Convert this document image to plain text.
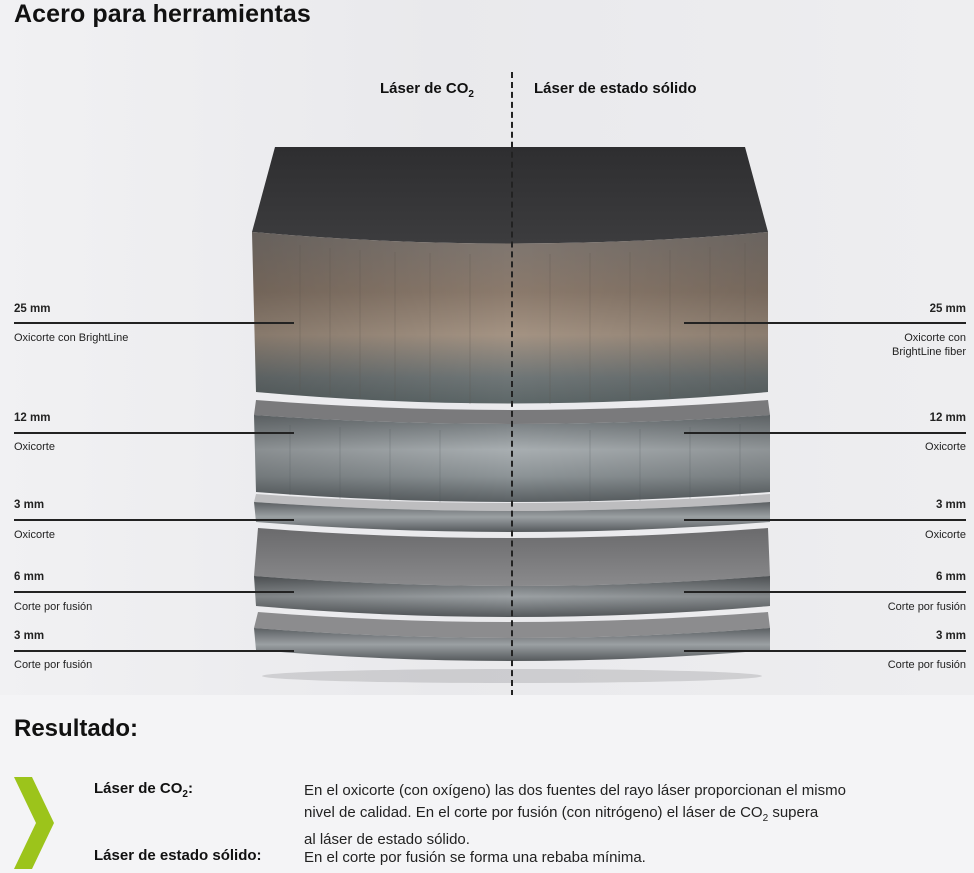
Acero para herramientas
Láser de $CO_2$	Láser de estado sólido
25 mm
Oxicorte con BrightLine
12 mm
Oxicorte
3 mm
Oxicorte
6 mm
Corte por fusión
3 mm
Corte por fusión
25 mm
Oxicorte con
BrightLine fiber
12 mm
Oxicorte
3 mm
Oxicorte
6 mm
Corte por fusión
3 mm
Corte por fusión
Resultado:
Láser de $CO_2$:	En el oxicorte (con oxígeno) las dos fuentes del rayo láser proporcionan el mismo
nivel de calidad. En el corte por fusión (con nitrógeno) el láser de $CO_2$ supera
al láser de estado sólido.
Láser de estado sólido:	En el corte por fusión se forma una rebaba mínima.
